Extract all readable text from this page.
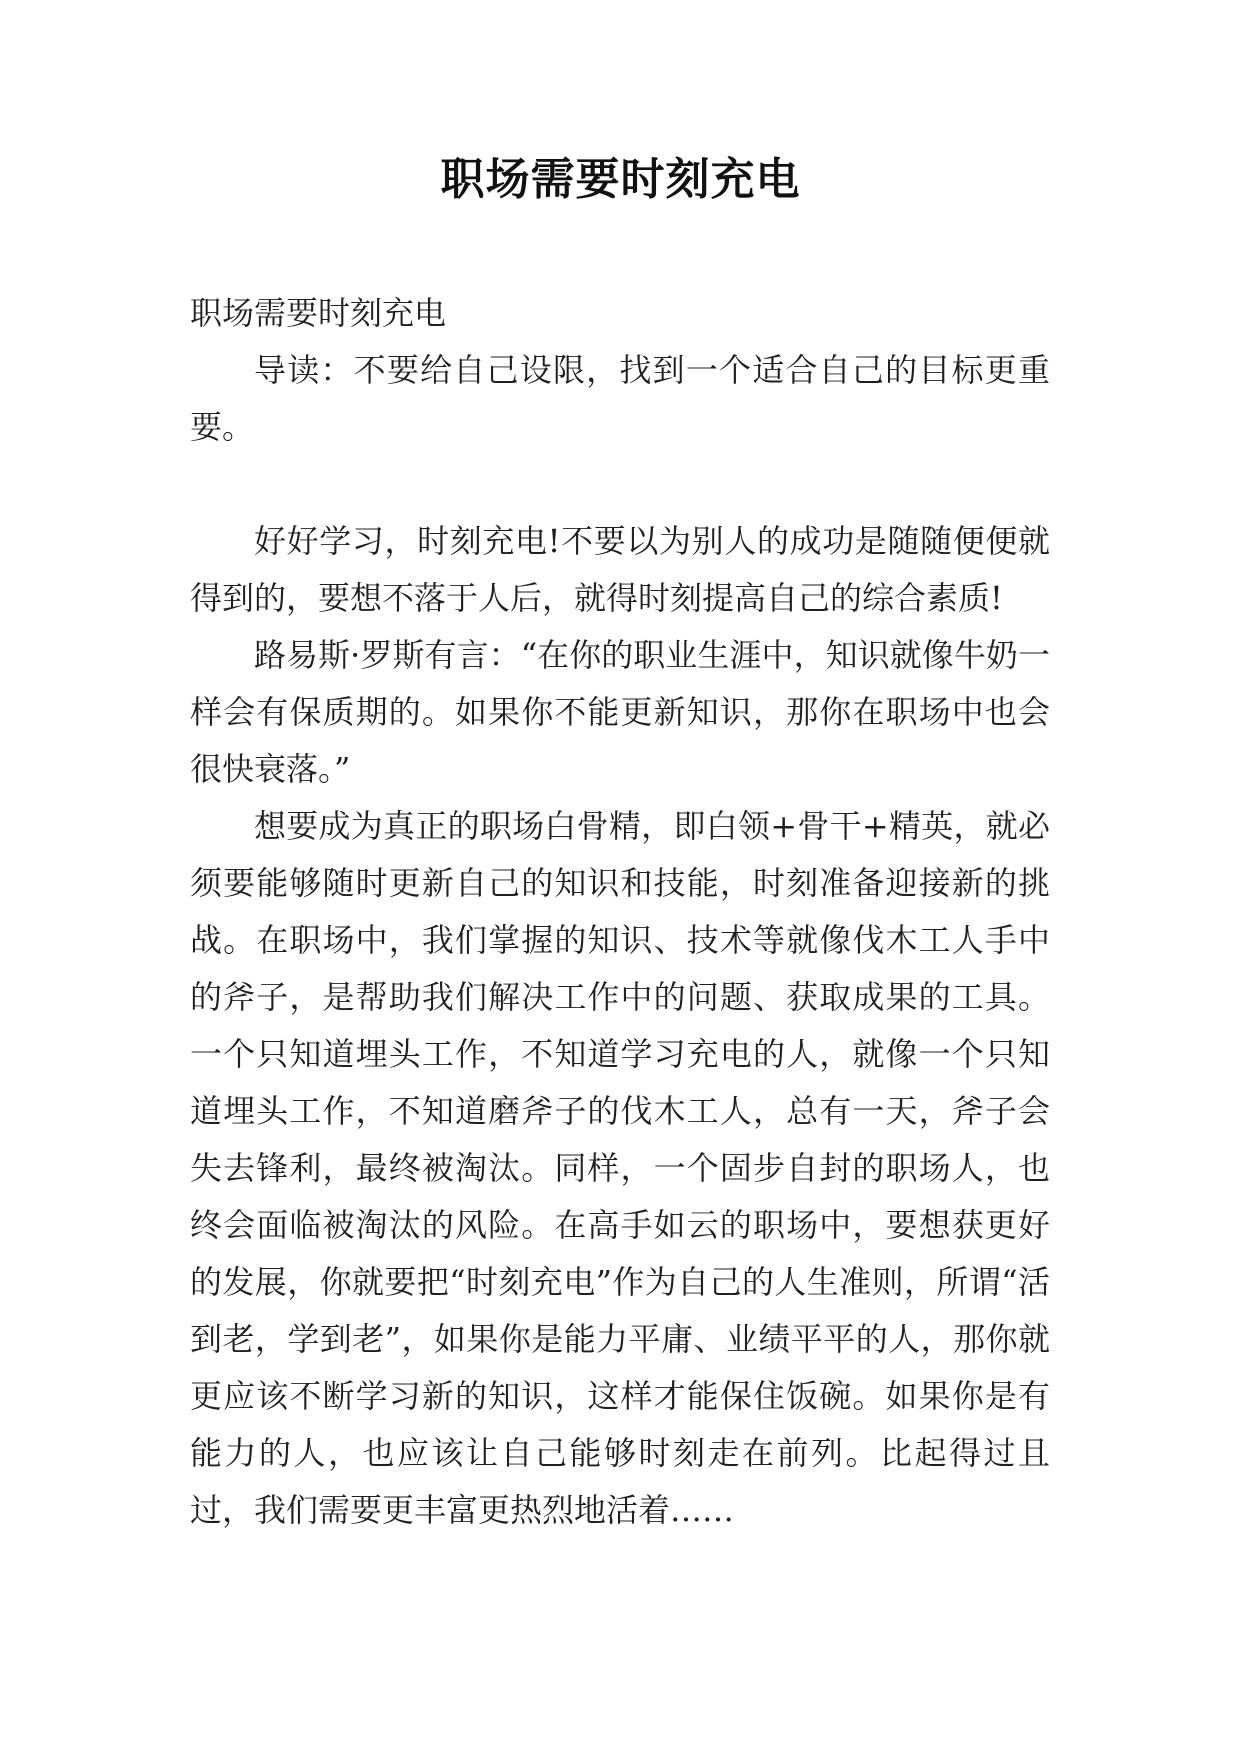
职场需要时刻充电

职场需要时刻充电

导读：不要给自己设限，找到一个适合自己的目标更重要。

好好学习，时刻充电!不要以为别人的成功是随随便便就得到的，要想不落于人后，就得时刻提高自己的综合素质!

路易斯·罗斯有言：“在你的职业生涯中，知识就像牛奶一样会有保质期的。如果你不能更新知识，那你在职场中也会很快衰落。”

想要成为真正的职场白骨精，即白领+骨干+精英，就必须要能够随时更新自己的知识和技能，时刻准备迎接新的挑战。在职场中，我们掌握的知识、技术等就像伐木工人手中的斧子，是帮助我们解决工作中的问题、获取成果的工具。一个只知道埋头工作，不知道学习充电的人，就像一个只知道埋头工作，不知道磨斧子的伐木工人，总有一天，斧子会失去锋利，最终被淘汰。同样，一个固步自封的职场人，也终会面临被淘汰的风险。在高手如云的职场中，要想获更好的发展，你就要把“时刻充电”作为自己的人生准则，所谓“活到老，学到老”，如果你是能力平庸、业绩平平的人，那你就更应该不断学习新的知识，这样才能保住饭碗。如果你是有能力的人，也应该让自己能够时刻走在前列。比起得过且过，我们需要更丰富更热烈地活着……
